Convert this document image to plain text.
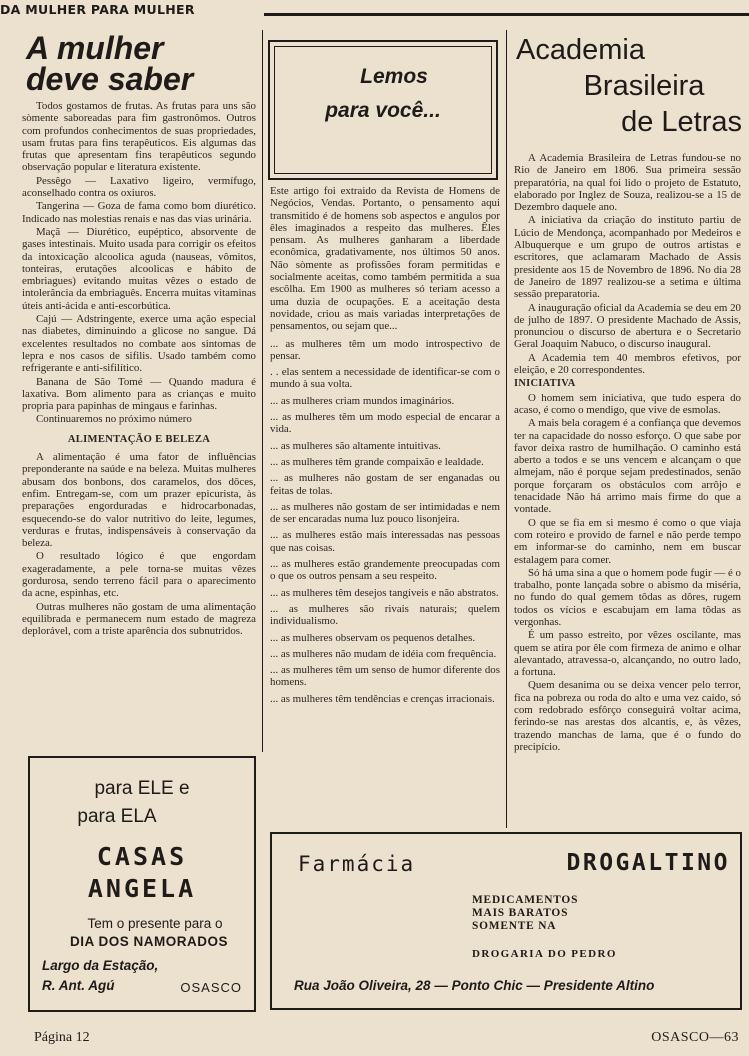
DA MULHER PARA MULHER
A mulher
deve saber

Todos gostamos de frutas. As frutas para uns são sòmente saboreadas para fim gastronômos. Outros com profundos conhecimentos de suas propriedades, usam frutas para fins terapêuticos. Eis algumas das frutas que apresentam fins terapêuticos segundo observação popular e literatura existente.

Pessêgo — Laxativo ligeiro, vermífugo, aconselhado contra os oxiuros.

Tangerina — Goza de fama como bom diurético. Indicado nas molestias renais e nas das vias urinária.

Maçã — Diurético, eupéptico, absorvente de gases intestinais. Muito usada para corrigir os efeitos da intoxicação alcoolica aguda (nauseas, vômitos, tonteiras, erutações alcoolicas e hábito de embriagues) evitando muitas vêzes o estado de intolerância da embriaguês. Encerra muitas vitaminas úteis anti-ácida e anti-escorbútica.

Cajú — Adstringente, exerce uma ação especial nas diabetes, diminuindo a glicose no sangue. Dá excelentes resultados no combate aos sintomas de lepra e nos casos de sifilis. Usado também como refrigerante e anti-sifilítico.

Banana de São Tomé — Quando madura é laxativa. Bom alimento para as crianças e muito propria para papinhas de mingaus e farinhas.

Continuaremos no próximo número

ALIMENTAÇÃO E BELEZA

A alimentação é uma fator de influências preponderante na saúde e na beleza. Muitas mulheres abusam dos bonbons, dos caramelos, dos dôces, enfim. Entregam-se, com um prazer epicurista, às preparações engorduradas e hidrocarbonadas, esquecendo-se do valor nutritivo do leite, legumes, verduras e frutas, indispensáveis à conservação da beleza.

O resultado lógico é que engordam exageradamente, a pele torna-se muitas vêzes gordurosa, sendo terreno fácil para o aparecimento da acne, espinhas, etc.

Outras mulheres não gostam de uma alimentação equilibrada e permanecem num estado de magreza deplorável, com a triste aparência dos subnutridos.

Lemos
para você...

Este artigo foi extraido da Revista de Homens de Negócios, Vendas. Portanto, o pensamento aqui transmitido é de homens sob aspectos e angulos por êles imaginados a respeito das mulheres. Êles pensam. As mulheres ganharam a liberdade econômica, gradativamente, nos últimos 50 anos. Não sòmente as profissões foram permitidas e socialmente aceitas, como também permitida a sua escôlha. Em 1900 as mulheres só teriam acesso a uma duzia de ocupações. E a aceitação desta novidade, criou as mais variadas interpretações de pensamentos, ou sejam que...

... as mulheres têm um modo introspectivo de pensar.

. . elas sentem a necessidade de identificar-se com o mundo à sua volta.

... as mulheres criam mundos imaginários.

... as mulheres têm um modo especial de encarar a vida.

... as mulheres são altamente intuitivas.

... as mulheres têm grande compaixão e lealdade.

... as mulheres não gostam de ser enganadas ou feitas de tolas.

... as mulheres não gostam de ser intimidadas e nem de ser encaradas numa luz pouco lisonjeira.

... as mulheres estão mais interessadas nas pessoas que nas coisas.

... as mulheres estão grandemente preocupadas com o que os outros pensam a seu respeito.

... as mulheres têm desejos tangíveis e não abstratos.

... as mulheres são rivais naturais; quelem individualismo.

... as mulheres observam os pequenos detalhes.

... as mulheres não mudam de idéia com frequência.

... as mulheres têm um senso de humor diferente dos homens.

... as mulheres têm tendências e crenças irracionais.

Academia
Brasileira
de Letras

A Academia Brasileira de Letras fundou-se no Rio de Janeiro em 1806. Sua primeira sessão preparatória, na qual foi lido o projeto de Estatuto, elaborado por Inglez de Souza, realizou-se a 15 de Dezembro daquele ano.

A iniciativa da criação do instituto partiu de Lúcio de Mendonça, acompanhado por Medeiros e Albuquerque e um grupo de outros artistas e escritores, que aclamaram Machado de Assis presidente aos 15 de Novembro de 1896. No dia 28 de Janeiro de 1897 realizou-se a setima e última sessão preparatoria.

A inauguração oficial da Academia se deu em 20 de julho de 1897. O presidente Machado de Assis, pronunciou o discurso de abertura e o Secretario Geral Joaquim Nabuco, o discurso inaugural.

A Academia tem 40 membros efetivos, por eleição, e 20 correspondentes.

INICIATIVA

O homem sem iniciativa, que tudo espera do acaso, é como o mendigo, que vive de esmolas.

A mais bela coragem é a confiança que devemos ter na capacidade do nosso esforço. O que sabe por favor deixa rastro de humilhação. O caminho está aberto a todos e se uns vencem e alcançam o que almejam, não é porque sejam predestinados, senão porque forçaram os obstáculos com arrôjo e tenacidade Não há arrimo mais firme do que a vontade.

O que se fia em si mesmo é como o que viaja com roteiro e provido de farnel e não perde tempo em informar-se do caminho, nem em buscar estalagem para comer.

Só há uma sina a que o homem pode fugir — é o trabalho, ponte lançada sobre o abismo da miséria, no fundo do qual gemem tôdas as dôres, rugem todos os vícios e escabujam em lama tôdas as vergonhas.

É um passo estreito, por vêzes oscilante, mas quem se atira por êle com firmeza de animo e olhar alevantado, atravessa-o, alcançando, no outro lado, a fortuna.

Quem desanima ou se deixa vencer pelo terror, fica na pobreza ou roda do alto e uma vez caido, só com redobrado esfôrço conseguirá voltar acima, ferindo-se nas arestas dos alcantis, e, às vêzes, trazendo manchas de lama, que é o fundo do precipício.

para ELE e
para ELA
CASAS
ANGELA
Tem o presente para o
DIA DOS NAMORADOS
Largo da Estação,
R. Ant. Agú	OSASCO
Farmácia	DROGALTINO
MEDICAMENTOS
MAIS BARATOS
SOMENTE NA
DROGARIA DO PEDRO
Rua João Oliveira, 28 — Ponto Chic — Presidente Altino
Página 12	OSASCO—63
